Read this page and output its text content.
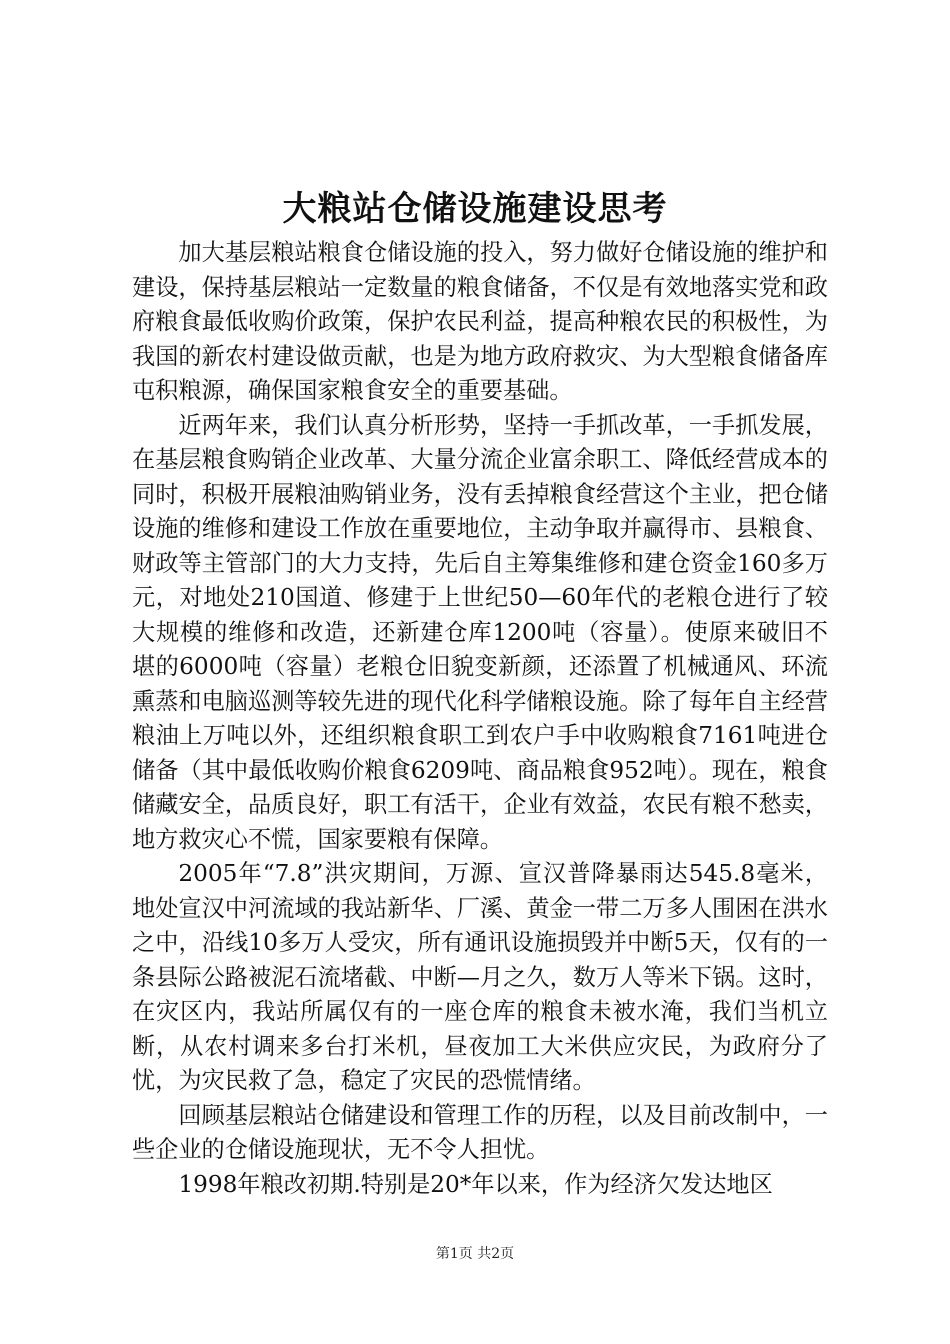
大粮站仓储设施建设思考

加大基层粮站粮食仓储设施的投入，努力做好仓储设施的维护和建设，保持基层粮站一定数量的粮食储备，不仅是有效地落实党和政府粮食最低收购价政策，保护农民利益，提高种粮农民的积极性，为我国的新农村建设做贡献，也是为地方政府救灾、为大型粮食储备库屯积粮源，确保国家粮食安全的重要基础。

近两年来，我们认真分析形势，坚持一手抓改革，一手抓发展，在基层粮食购销企业改革、大量分流企业富余职工、降低经营成本的同时，积极开展粮油购销业务，没有丢掉粮食经营这个主业，把仓储设施的维修和建设工作放在重要地位，主动争取并赢得市、县粮食、财政等主管部门的大力支持，先后自主筹集维修和建仓资金160多万元，对地处210国道、修建于上世纪50—60年代的老粮仓进行了较大规模的维修和改造，还新建仓库1200吨（容量）。使原来破旧不堪的6000吨（容量）老粮仓旧貌变新颜，还添置了机械通风、环流熏蒸和电脑巡测等较先进的现代化科学储粮设施。除了每年自主经营粮油上万吨以外，还组织粮食职工到农户手中收购粮食7161吨进仓储备（其中最低收购价粮食6209吨、商品粮食952吨）。现在，粮食储藏安全，品质良好，职工有活干，企业有效益，农民有粮不愁卖，地方救灾心不慌，国家要粮有保障。

2005年“7.8”洪灾期间，万源、宣汉普降暴雨达545.8毫米，地处宣汉中河流域的我站新华、厂溪、黄金一带二万多人围困在洪水之中，沿线10多万人受灾，所有通讯设施损毁并中断5天，仅有的一条县际公路被泥石流堵截、中断—月之久，数万人等米下锅。这时，在灾区内，我站所属仅有的一座仓库的粮食未被水淹，我们当机立断，从农村调来多台打米机，昼夜加工大米供应灾民，为政府分了忧，为灾民救了急，稳定了灾民的恐慌情绪。

回顾基层粮站仓储建设和管理工作的历程，以及目前改制中，一些企业的仓储设施现状，无不令人担忧。

1998年粮改初期.特别是20*年以来，作为经济欠发达地区

第1页 共2页
